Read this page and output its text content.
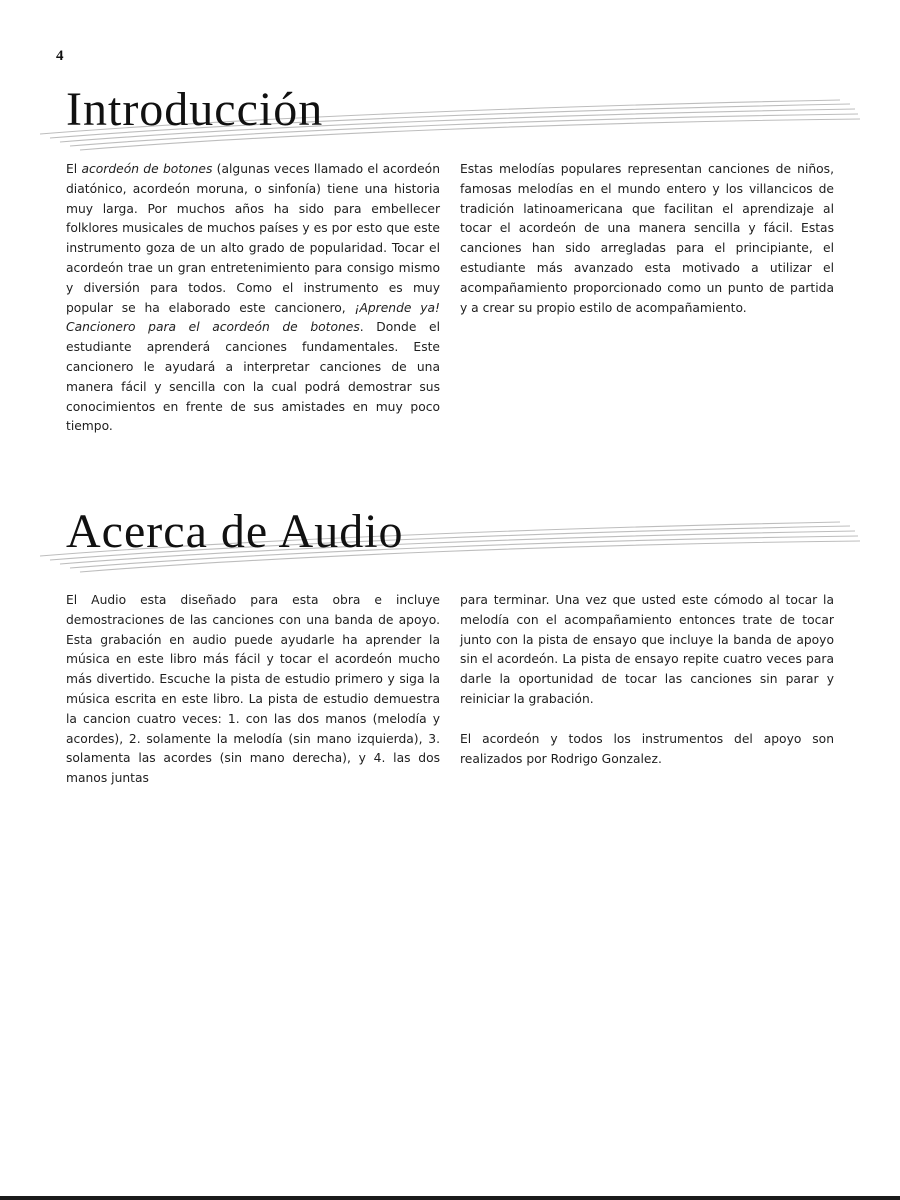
4
Introducción

El acordeón de botones (algunas veces llamado el acordeón diatónico, acordeón moruna, o sinfonía) tiene una historia muy larga. Por muchos años ha sido para embellecer folklores musicales de muchos países y es por esto que este instrumento goza de un alto grado de popularidad. Tocar el acordeón trae un gran entretenimiento para consigo mismo y diversión para todos. Como el instrumento es muy popular se ha elaborado este cancionero, ¡Aprende ya! Cancionero para el acordeón de botones. Donde el estudiante aprenderá canciones fundamentales. Este cancionero le ayudará a interpretar canciones de una manera fácil y sencilla con la cual podrá demostrar sus conocimientos en frente de sus amistades en muy poco tiempo.

Estas melodías populares representan canciones de niños, famosas melodías en el mundo entero y los villancicos de tradición latinoamericana que facilitan el aprendizaje al tocar el acordeón de una manera sencilla y fácil. Estas canciones han sido arregladas para el principiante, el estudiante más avanzado esta motivado a utilizar el acompañamiento proporcionado como un punto de partida y a crear su propio estilo de acompañamiento.

Acerca de Audio

El Audio esta diseñado para esta obra e incluye demostraciones de las canciones con una banda de apoyo. Esta grabación en audio puede ayudarle ha aprender la música en este libro más fácil y tocar el acordeón mucho más divertido. Escuche la pista de estudio primero y siga la música escrita en este libro. La pista de estudio demuestra la cancion cuatro veces: 1. con las dos manos (melodía y acordes), 2. solamente la melodía (sin mano izquierda), 3. solamenta las acordes (sin mano derecha), y 4. las dos manos juntas

para terminar. Una vez que usted este cómodo al tocar la melodía con el acompañamiento entonces trate de tocar junto con la pista de ensayo que incluye la banda de apoyo sin el acordeón. La pista de ensayo repite cuatro veces para darle la oportunidad de tocar las canciones sin parar y reiniciar la grabación.

El acordeón y todos los instrumentos del apoyo son realizados por Rodrigo Gonzalez.
